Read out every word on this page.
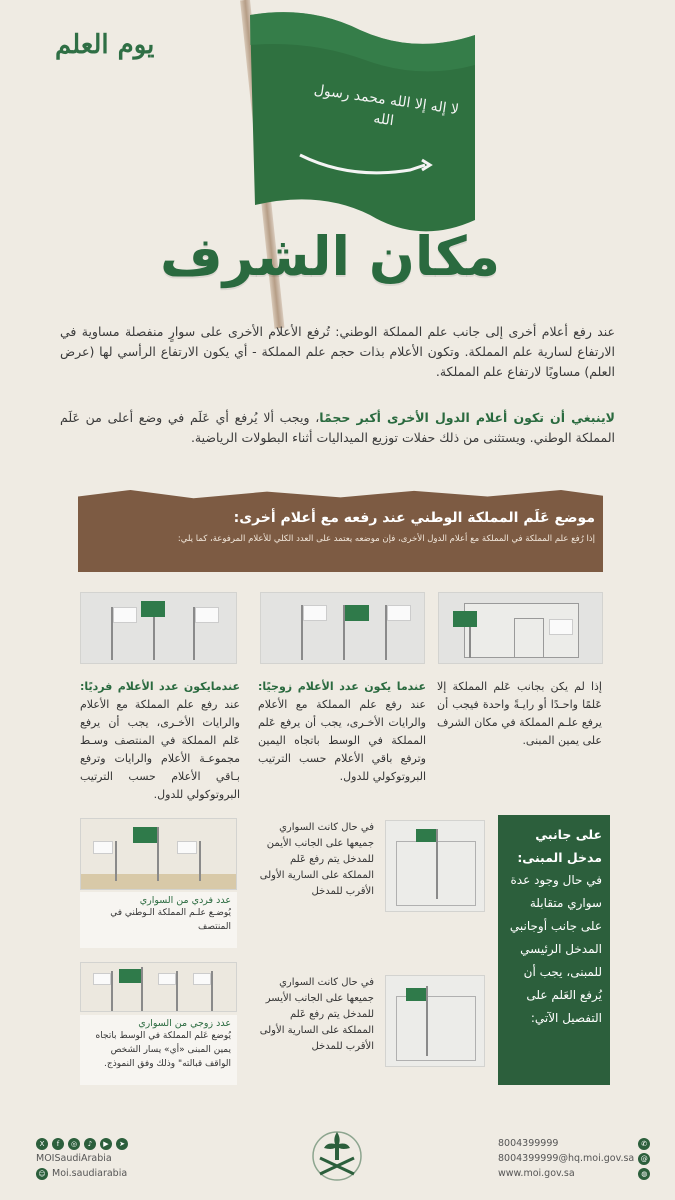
لا إله إلا الله محمد رسول الله
يوم العلم
مكان الشرف
عند رفع أعلام أخرى إلى جانب علم المملكة الوطني: تُرفع الأعلام الأخرى على سوارٍ منفصلة مساوية في الارتفاع لسارية علم المملكة. وتكون الأعلام بذات حجم علم المملكة - أي يكون الارتفاع الرأسي لها (عرض العلم) مساويًا لارتفاع علم المملكة.
لاينبغي أن تكون أعلام الدول الأخرى أكبر حجمًا، ويجب ألا يُرفع أي عَلَم في وضع أعلى من عَلَم المملكة الوطني. ويستثنى من ذلك حفلات توزيع الميداليات أثناء البطولات الرياضية.
موضع عَلَم المملكة الوطني عند رفعه مع أعلام أخرى:
إذا رُفع علم المملكة في المملكة مع أعلام الدول الأخرى، فإن موضعه يعتمد على العدد الكلي للأعلام المرفوعة، كما يلي:
إذا لم يكن بجانب عَلم المملكة إلا عَلمًا واحـدًا أو رايـةً واحدة فيجب أن يرفع علـم المملكة في مكان الشرف على يمين المبنى.
عندما يكون عدد الأعلام زوجيًا: عند رفع علم المملكة مع الأعلام والرايات الأخـرى، يجب أن يرفع عَلم المملكة في الوسط باتجاه اليمين وترفع باقي الأعلام حسب الترتيب البروتوكولي للدول.
عندمايكون عدد الأعلام فرديًا: عند رفع علم المملكة مع الأعلام والرايات الأخـرى، يجب أن يرفع عَلم المملكة في المنتصف وسـط مجموعـة الأعلام والرايات وترفع بـاقي الأعلام حسب الترتيب البروتوكولي للدول.
على جانبي مدخل المبنى:
في حال وجود عدة سواري متقابلة على جانب أوجانبي المدخل الرئيسي للمبنى، يجب أن يُرفع العَلم على التفصيل الآتي:
في حال كانت السواري جميعها على الجانب الأيمن للمدخل يتم رفع عَلم المملكة على السارية الأولى الأقرب للمدخل
في حال كانت السواري جميعها على الجانب الأيسر للمدخل يتم رفع عَلم المملكة على السارية الأولى الأقرب للمدخل
عدد فردي من السواري
يُوضـع علـم المملكة الـوطني في المنتصف
عدد زوجي من السواري
يُوضع عَلم المملكة في الوسط باتجاه يمين المبنى «أي» يسار الشخص الواقف قبالته" وذلك وفق النموذج.
X	f	◎	♪	▶	➤
MOISaudiArabia
☺ Moi.saudiarabia
8004399999	✆
8004399999@hq.moi.gov.sa @
www.moi.gov.sa	◍
